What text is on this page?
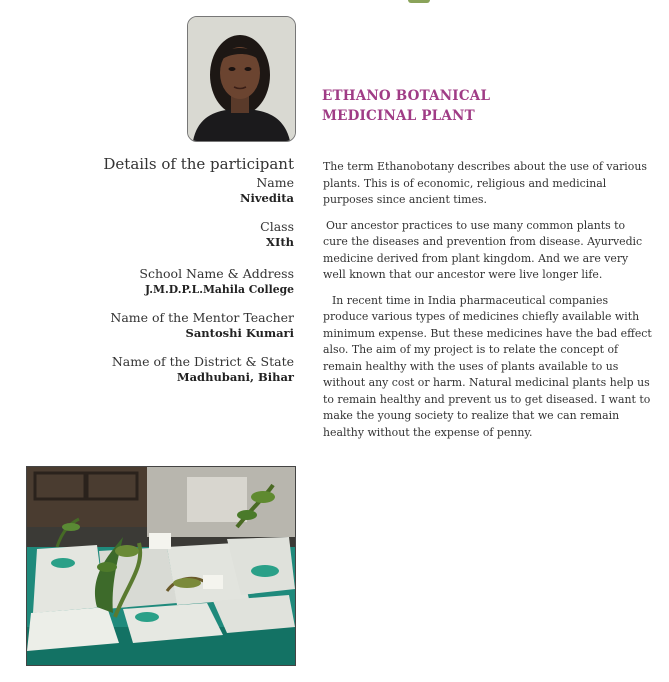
ETHANO BOTANICAL
MEDICINAL PLANT
Details of the participant
Name
Nivedita
Class
XIth
School Name & Address
J.M.D.P.L.Mahila College
Name of the Mentor Teacher
Santoshi Kumari
Name of the District & State
Madhubani, Bihar

The term Ethanobotany describes about the use of various plants. This is of economic, religious and medicinal purposes since ancient times.

Our ancestor practices to use many common plants to cure the diseases and prevention from disease. Ayurvedic medicine derived from plant kingdom. And we are very well known that our ancestor were live longer life.

In recent time in India pharmaceutical companies produce various types of medicines chiefly available with minimum expense. But these medicines have the bad effect also. The aim of my project is to relate the concept of remain healthy with the uses of plants available to us without any cost or harm. Natural medicinal plants help us to remain healthy and prevent us to get diseased. I want to make the young society to realize that we can remain healthy without the expense of penny.
